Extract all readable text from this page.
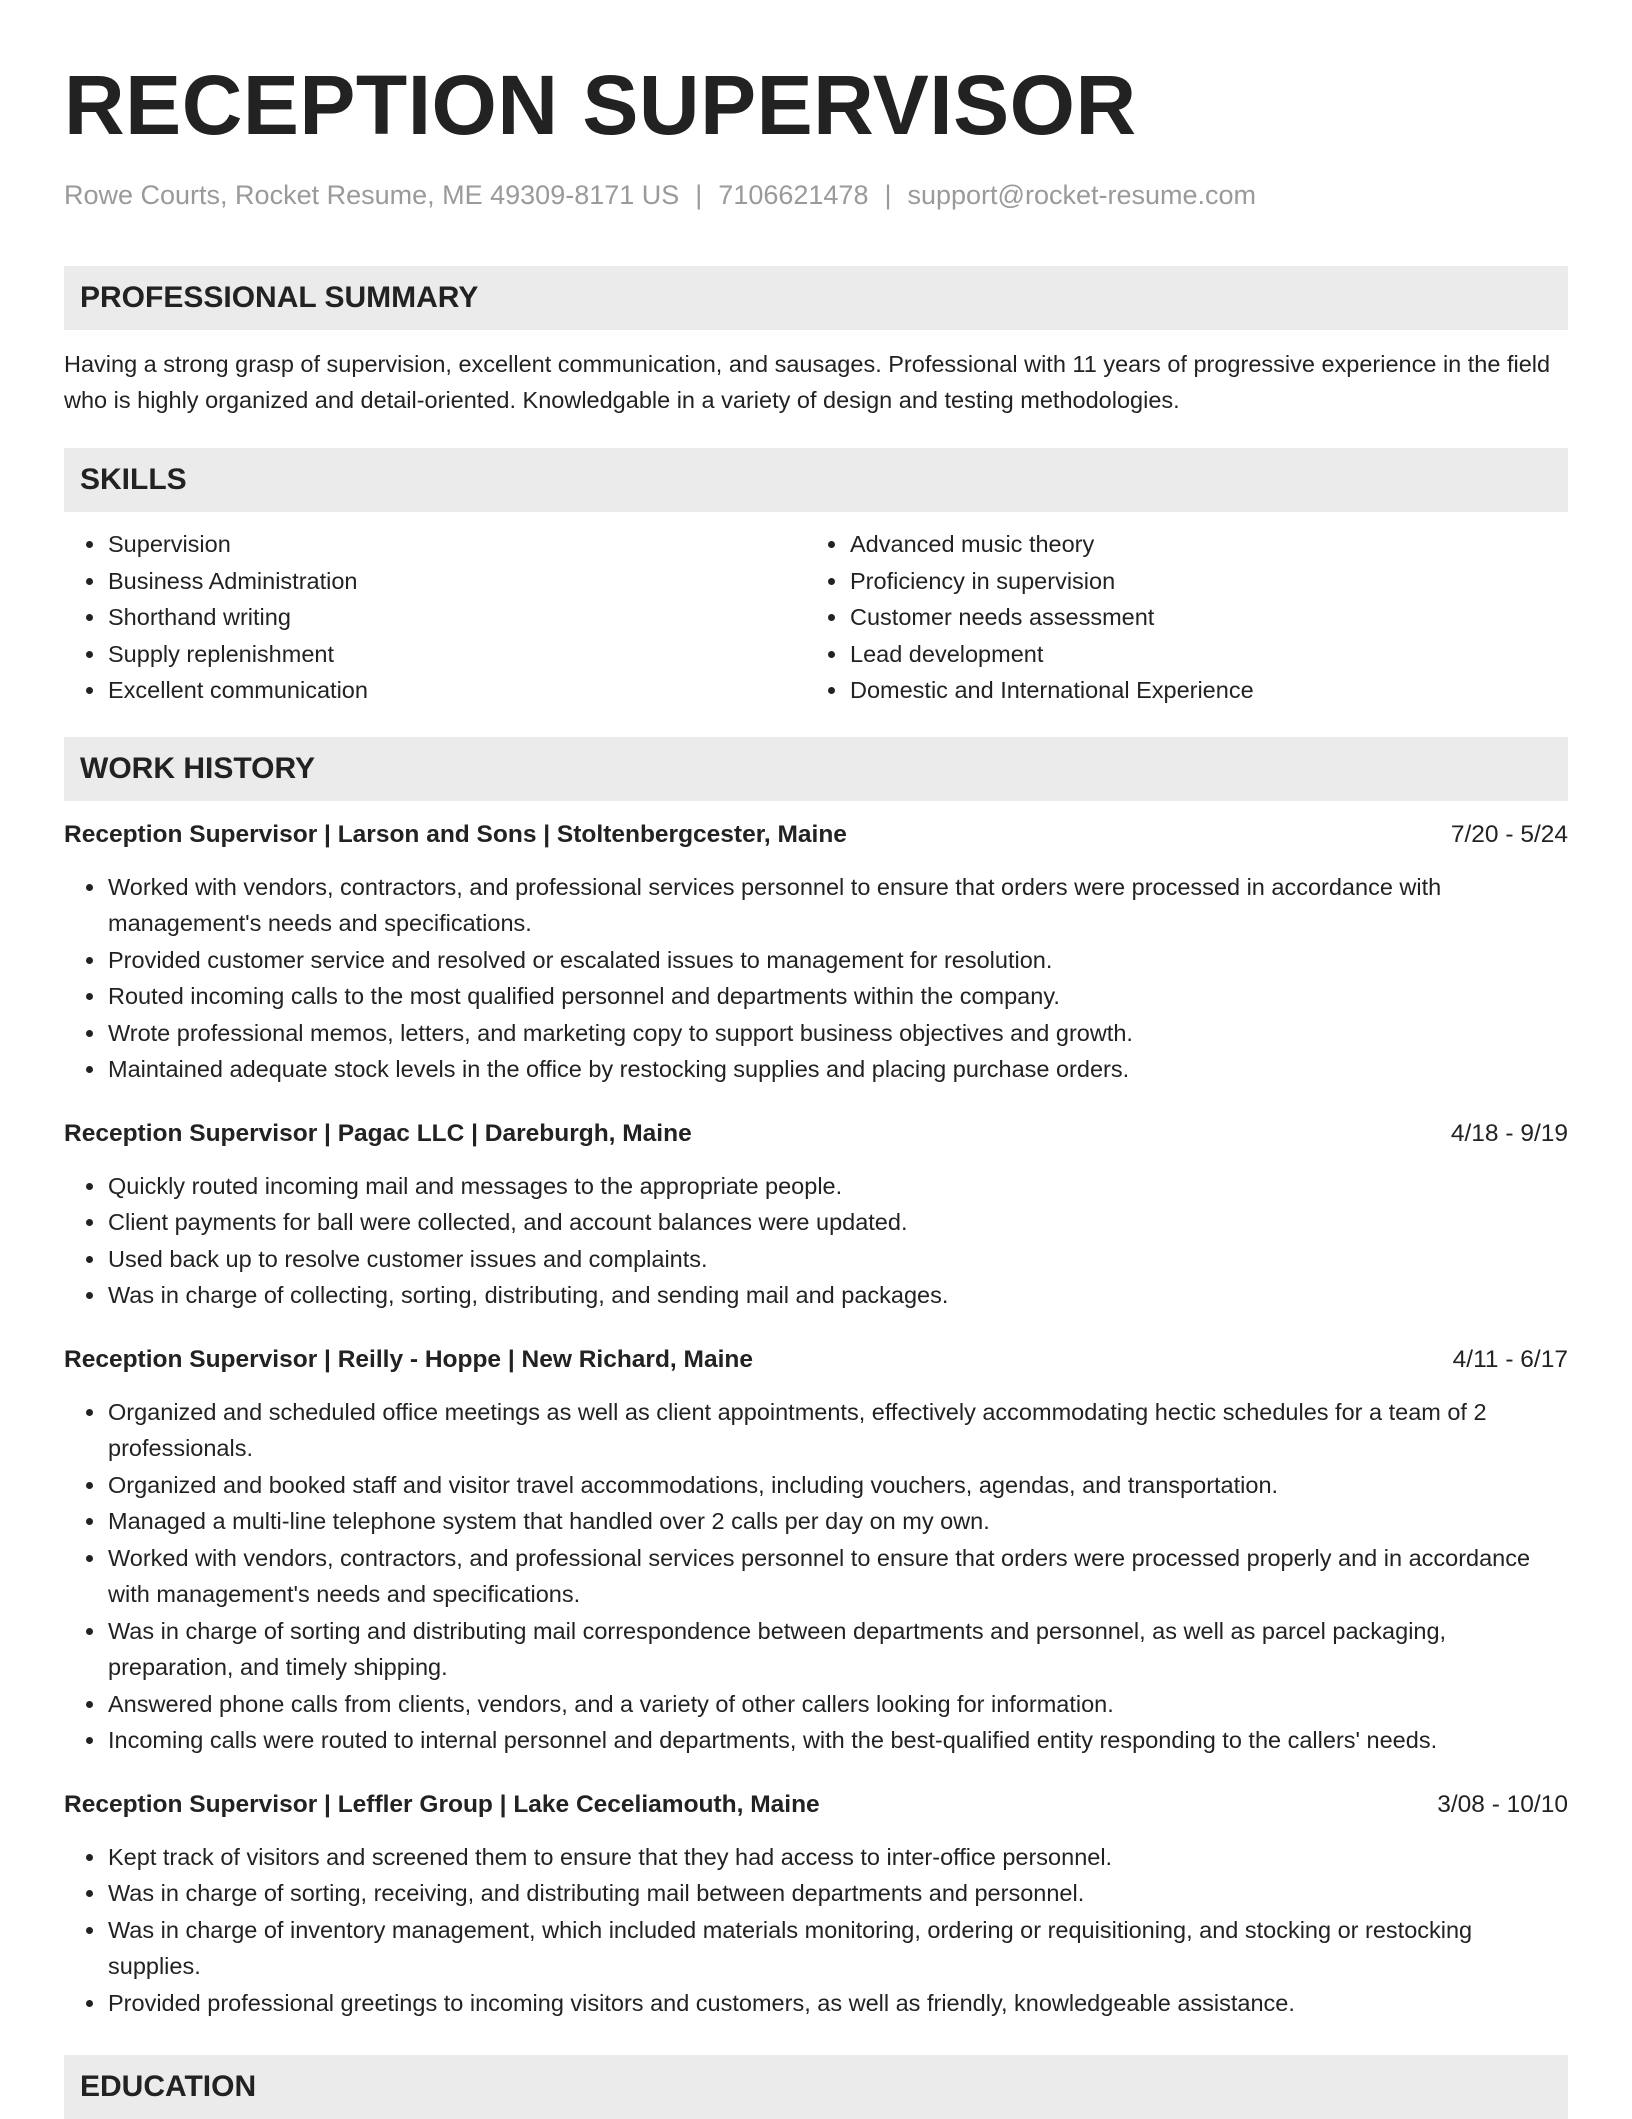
RECEPTION SUPERVISOR
Rowe Courts, Rocket Resume, ME 49309-8171 US | 7106621478 | support@rocket-resume.com
PROFESSIONAL SUMMARY

Having a strong grasp of supervision, excellent communication, and sausages. Professional with 11 years of progressive experience in the field who is highly organized and detail-oriented. Knowledgable in a variety of design and testing methodologies.

SKILLS
• Supervision
• Business Administration
• Shorthand writing
• Supply replenishment
• Excellent communication
• Advanced music theory
• Proficiency in supervision
• Customer needs assessment
• Lead development
• Domestic and International Experience
WORK HISTORY
Reception Supervisor | Larson and Sons | Stoltenbergcester, Maine	7/20 - 5/24
• Worked with vendors, contractors, and professional services personnel to ensure that orders were processed in accordance with management's needs and specifications.
• Provided customer service and resolved or escalated issues to management for resolution.
• Routed incoming calls to the most qualified personnel and departments within the company.
• Wrote professional memos, letters, and marketing copy to support business objectives and growth.
• Maintained adequate stock levels in the office by restocking supplies and placing purchase orders.
Reception Supervisor | Pagac LLC | Dareburgh, Maine	4/18 - 9/19
• Quickly routed incoming mail and messages to the appropriate people.
• Client payments for ball were collected, and account balances were updated.
• Used back up to resolve customer issues and complaints.
• Was in charge of collecting, sorting, distributing, and sending mail and packages.
Reception Supervisor | Reilly - Hoppe | New Richard, Maine	4/11 - 6/17
• Organized and scheduled office meetings as well as client appointments, effectively accommodating hectic schedules for a team of 2 professionals.
• Organized and booked staff and visitor travel accommodations, including vouchers, agendas, and transportation.
• Managed a multi-line telephone system that handled over 2 calls per day on my own.
• Worked with vendors, contractors, and professional services personnel to ensure that orders were processed properly and in accordance with management's needs and specifications.
• Was in charge of sorting and distributing mail correspondence between departments and personnel, as well as parcel packaging, preparation, and timely shipping.
• Answered phone calls from clients, vendors, and a variety of other callers looking for information.
• Incoming calls were routed to internal personnel and departments, with the best-qualified entity responding to the callers' needs.
Reception Supervisor | Leffler Group | Lake Ceceliamouth, Maine	3/08 - 10/10
• Kept track of visitors and screened them to ensure that they had access to inter-office personnel.
• Was in charge of sorting, receiving, and distributing mail between departments and personnel.
• Was in charge of inventory management, which included materials monitoring, ordering or requisitioning, and stocking or restocking supplies.
• Provided professional greetings to incoming visitors and customers, as well as friendly, knowledgeable assistance.
EDUCATION
